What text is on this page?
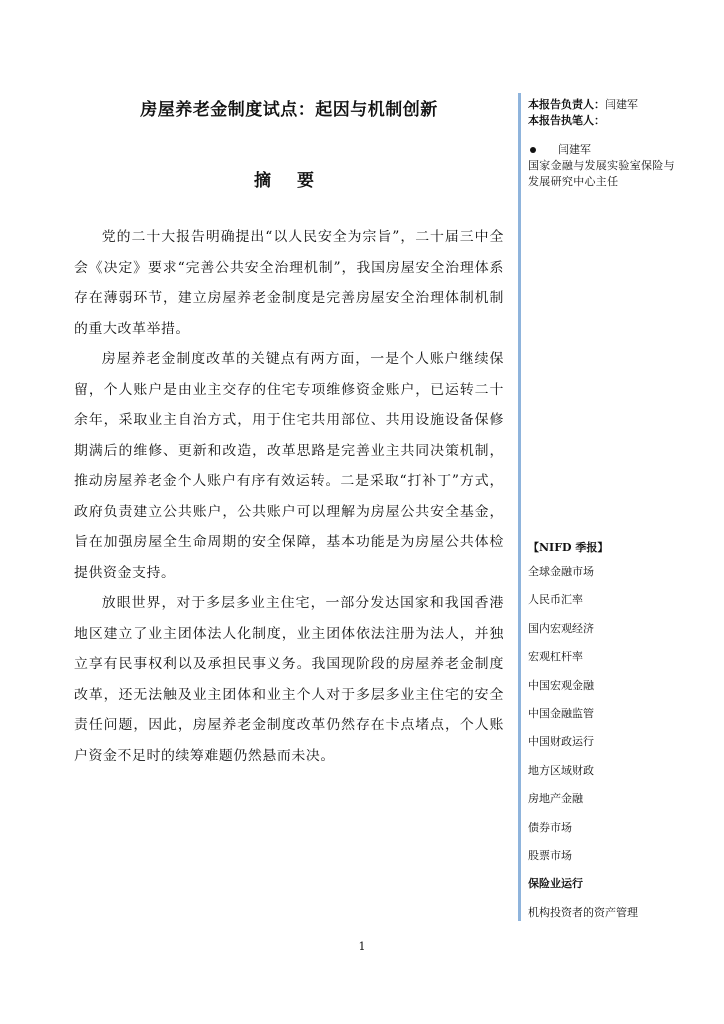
房屋养老金制度试点：起因与机制创新
摘 要

党的二十大报告明确提出“以人民安全为宗旨”，二十届三中全会《决定》要求“完善公共安全治理机制”，我国房屋安全治理体系存在薄弱环节，建立房屋养老金制度是完善房屋安全治理体制机制的重大改革举措。

房屋养老金制度改革的关键点有两方面，一是个人账户继续保留，个人账户是由业主交存的住宅专项维修资金账户，已运转二十余年，采取业主自治方式，用于住宅共用部位、共用设施设备保修期满后的维修、更新和改造，改革思路是完善业主共同决策机制，推动房屋养老金个人账户有序有效运转。二是采取“打补丁”方式，政府负责建立公共账户，公共账户可以理解为房屋公共安全基金，旨在加强房屋全生命周期的安全保障，基本功能是为房屋公共体检提供资金支持。

放眼世界，对于多层多业主住宅，一部分发达国家和我国香港地区建立了业主团体法人化制度，业主团体依法注册为法人，并独立享有民事权利以及承担民事义务。我国现阶段的房屋养老金制度改革，还无法触及业主团体和业主个人对于多层多业主住宅的安全责任问题，因此，房屋养老金制度改革仍然存在卡点堵点，个人账户资金不足时的续筹难题仍然悬而未决。

本报告负责人：闫建军

本报告执笔人：

闫建军

国家金融与发展实验室保险与发展研究中心主任

【NIFD 季报】

全球金融市场

人民币汇率

国内宏观经济

宏观杠杆率

中国宏观金融

中国金融监管

中国财政运行

地方区域财政

房地产金融

债券市场

股票市场

保险业运行

机构投资者的资产管理

1
